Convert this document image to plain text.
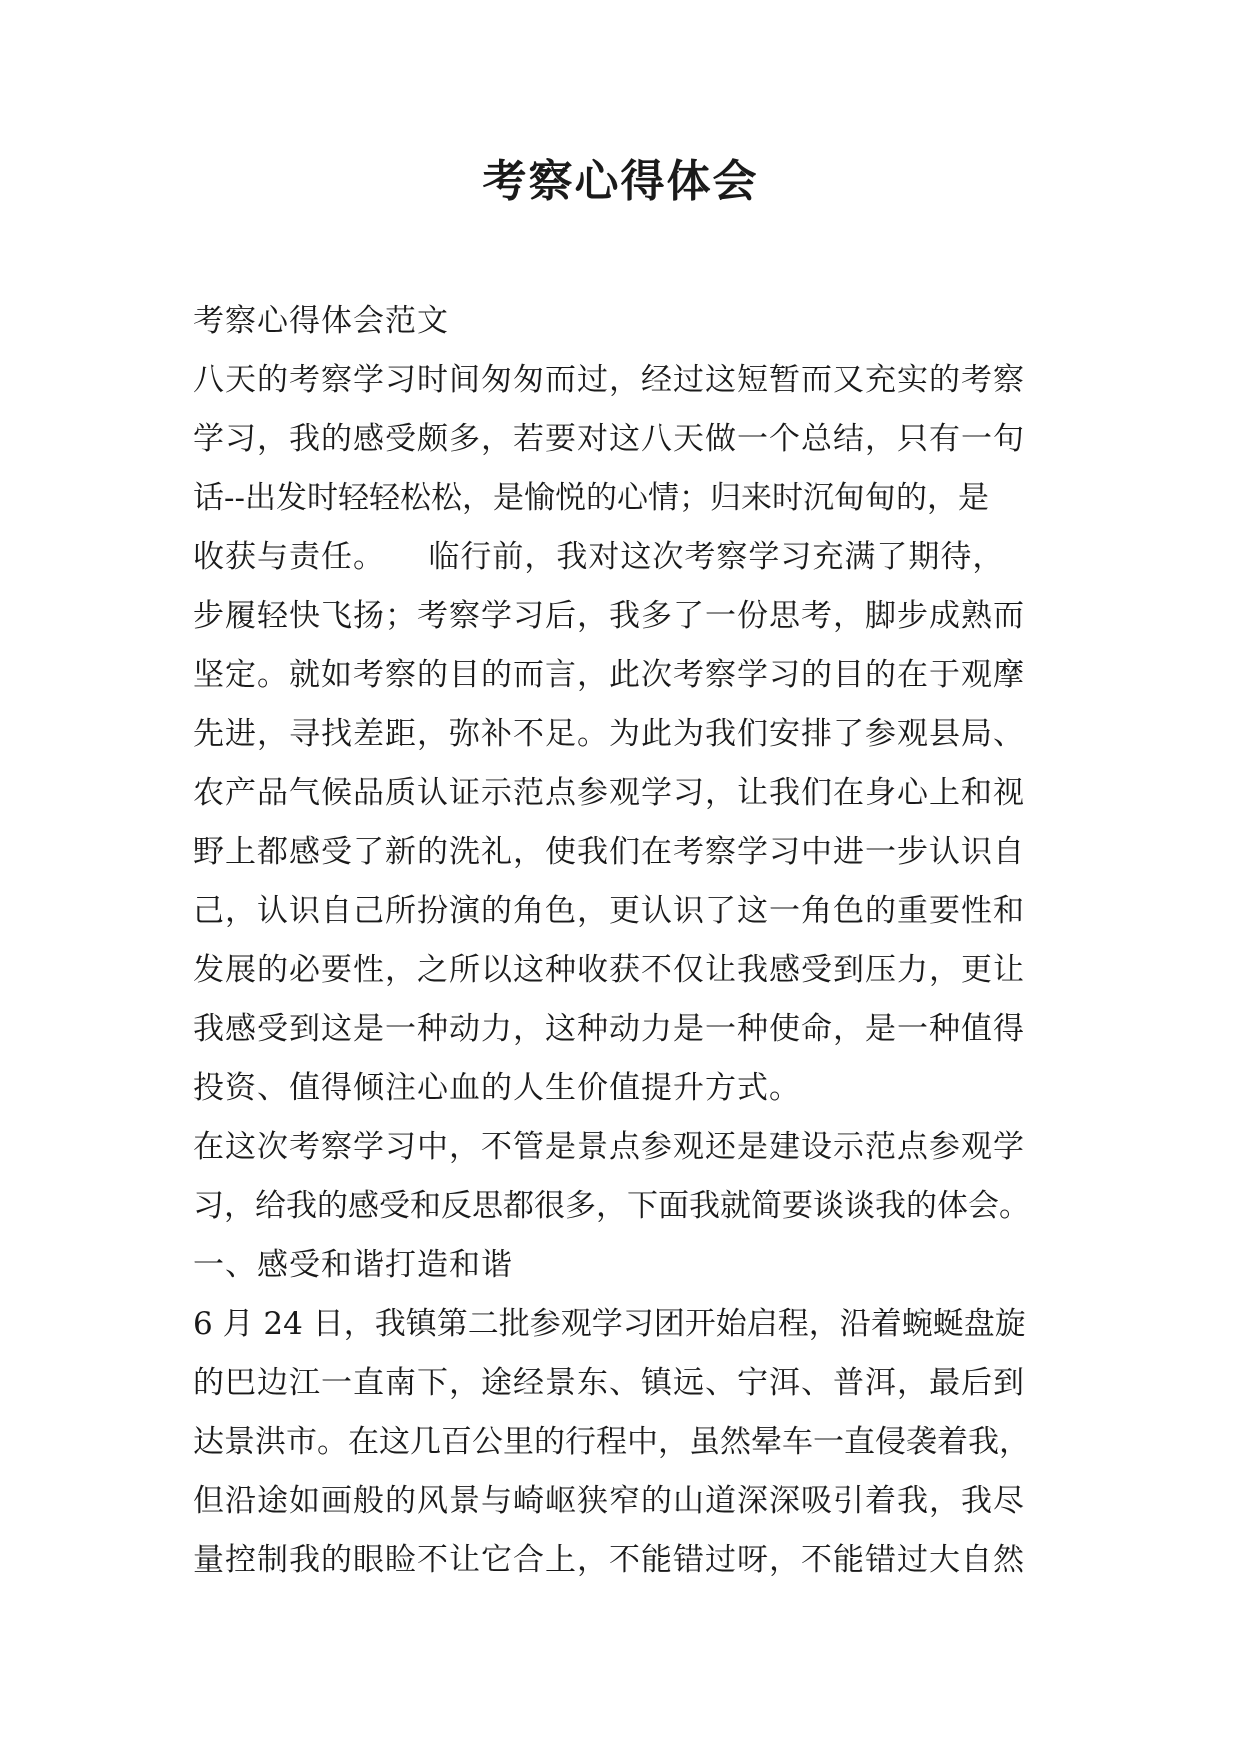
考察心得体会
考察心得体会范文
八天的考察学习时间匆匆而过，经过这短暂而又充实的考察
学习，我的感受颇多，若要对这八天做一个总结，只有一句
话--出发时轻轻松松，是愉悦的心情；归来时沉甸甸的，是
收获与责任。    临行前，我对这次考察学习充满了期待，
步履轻快飞扬；考察学习后，我多了一份思考，脚步成熟而
坚定。就如考察的目的而言，此次考察学习的目的在于观摩
先进，寻找差距，弥补不足。为此为我们安排了参观县局、
农产品气候品质认证示范点参观学习，让我们在身心上和视
野上都感受了新的洗礼，使我们在考察学习中进一步认识自
己，认识自己所扮演的角色，更认识了这一角色的重要性和
发展的必要性，之所以这种收获不仅让我感受到压力，更让
我感受到这是一种动力，这种动力是一种使命，是一种值得
投资、值得倾注心血的人生价值提升方式。
在这次考察学习中，不管是景点参观还是建设示范点参观学
习，给我的感受和反思都很多，下面我就简要谈谈我的体会。
一、感受和谐打造和谐
6 月 24 日，我镇第二批参观学习团开始启程，沿着蜿蜒盘旋
的巴边江一直南下，途经景东、镇远、宁洱、普洱，最后到
达景洪市。在这几百公里的行程中，虽然晕车一直侵袭着我，
但沿途如画般的风景与崎岖狭窄的山道深深吸引着我，我尽
量控制我的眼睑不让它合上，不能错过呀，不能错过大自然
